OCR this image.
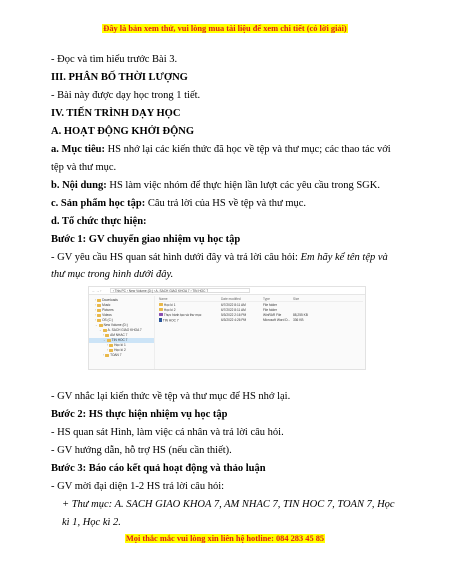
Đây là bản xem thử, vui lòng mua tài liệu để xem chi tiết (có lời giải)
- Đọc và tìm hiểu trước Bài 3.
III. PHÂN BỐ THỜI LƯỢNG
- Bài này được dạy học trong 1 tiết.
IV. TIẾN TRÌNH DẠY HỌC
A. HOẠT ĐỘNG KHỞI ĐỘNG
a. Mục tiêu: HS nhớ lại các kiến thức đã học về tệp và thư mục; các thao tác với
tệp và thư mục.
b. Nội dung: HS làm việc nhóm để thực hiện lần lượt các yêu cầu trong SGK.
c. Sản phẩm học tập: Câu trả lời của HS về tệp và thư mục.
d. Tổ chức thực hiện:
Bước 1: GV chuyển giao nhiệm vụ học tập
- GV yêu cầu HS quan sát hình dưới đây và trả lời câu hỏi: Em hãy kể tên tệp và
thư mục trong hình dưới đây.
← → ↑	› This PC › New Volume (D:) › A. SACH GIAO KHOA 7 › TIN HOC 7
› Downloads
› Music
› Pictures
› Videos
› OS (C:)
⌄ New Volume (D:)
⌄ A. SACH GIAO KHOA 7
› AM NHAC 7
⌄ TIN HOC 7
› Học kì 1
› Học kì 2
› TOAN 7
Name	Date modified	Type	Size
Học kì 1	6/7/2022 8:11 AM	File folder
Học kì 2	6/7/2022 8:11 AM	File folder
Thực hành tạo và thư mục	5/3/2022 2:16 PM	WinRAR File	88,255 KB
TIN HOC 7	6/3/2022 4:26 PM	Microsoft Word D... 336 KB
- GV nhắc lại kiến thức về tệp và thư mục để HS nhớ lại.
Bước 2: HS thực hiện nhiệm vụ học tập
- HS quan sát Hình, làm việc cá nhân và trả lời câu hỏi.
- GV hướng dẫn, hỗ trợ HS (nếu cần thiết).
Bước 3: Báo cáo kết quả hoạt động và thảo luận
- GV mời đại diện 1-2 HS trả lời câu hỏi:
+ Thư mục: A. SACH GIAO KHOA 7, AM NHAC 7, TIN HOC 7, TOAN 7, Học
kì 1, Học kì 2.
Mọi thắc mắc vui lòng xin liên hệ hotline: 084 283 45 85
